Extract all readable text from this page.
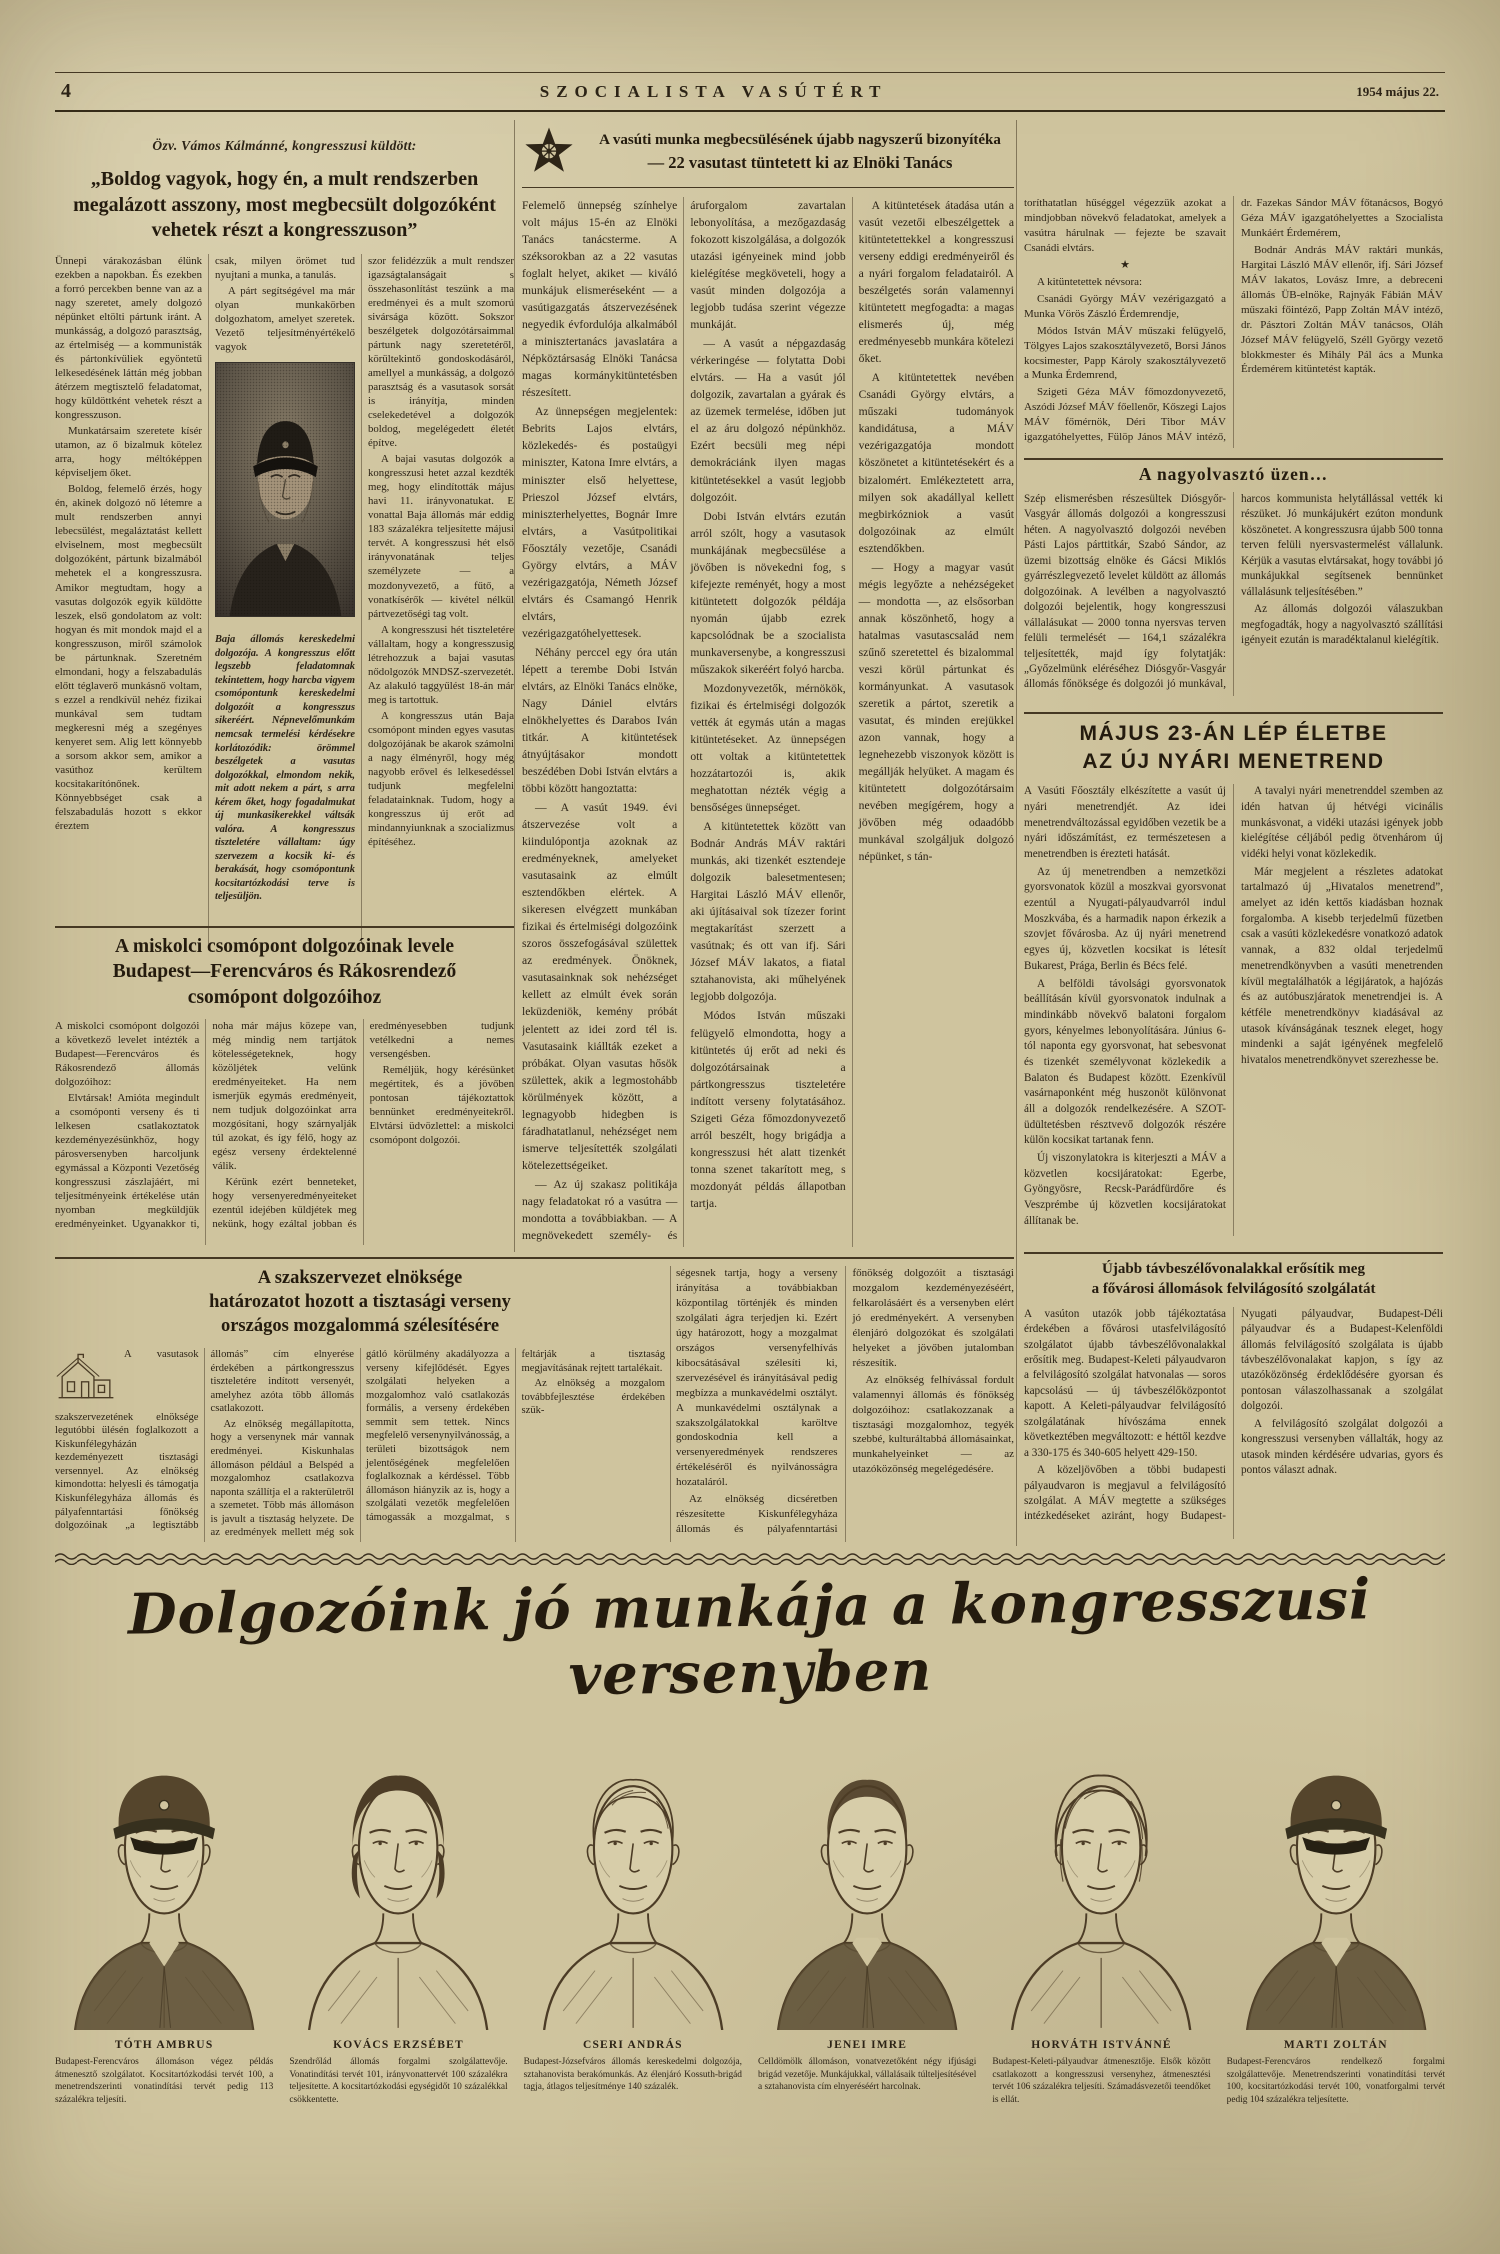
4	SZOCIALISTA VASÚTÉRT	1954 május 22.

Özv. Vámos Kálmánné, kongresszusi küldött:

„Boldog vagyok, hogy én, a mult rendszerben megalázott asszony, most megbecsült dolgozóként vehetek részt a kongresszuson”

Ünnepi várakozásban élünk ezekben a napokban. És ezekben a forró percekben benne van az a nagy szeretet, amely dolgozó népünket eltölti pártunk iránt. A munkásság, a dolgozó parasztság, az értelmiség — a kommunisták és pártonkívüliek egyöntetű lelkesedésének láttán még jobban átérzem megtisztelő feladatomat, hogy küldöttként vehetek részt a kongresszuson.

Munkatársaim szeretete kísér utamon, az ő bizalmuk kötelez arra, hogy méltóképpen képviseljem őket.

Boldog, felemelő érzés, hogy én, akinek dolgozó nő létemre a mult rendszerben annyi lebecsülést, megaláztatást kellett elviselnem, most megbecsült dolgozóként, pártunk bizalmából mehetek el a kongresszusra. Amikor megtudtam, hogy a vasutas dolgozók egyik küldötte leszek, első gondolatom az volt: hogyan és mit mondok majd el a kongresszuson, miről számolok be pártunknak. Szeretném elmondani, hogy a felszabadulás előtt téglaverő munkásnő voltam, s ezzel a rendkívül nehéz fizikai munkával sem tudtam megkeresni még a szegényes kenyeret sem. Alig lett könnyebb a sorsom akkor sem, amikor a vasúthoz kerültem kocsitakarítónőnek. Könnyebbséget csak a felszabadulás hozott s ekkor éreztem

csak, milyen örömet tud nyujtani a munka, a tanulás.

A párt segítségével ma már olyan munkakörben dolgozhatom, amelyet szeretek. Vezető teljesítményértékelő vagyok

Baja állomás kereskedelmi dolgozója. A kongresszus előtt legszebb feladatomnak tekintettem, hogy harcba vigyem csomópontunk kereskedelmi dolgozóit a kongresszus sikeréért. Népnevelőmunkám nemcsak termelési kérdésekre korlátozódik: örömmel beszélgetek a vasutas dolgozókkal, elmondom nekik, mit adott nekem a párt, s arra kérem őket, hogy fogadalmukat új munkasikerekkel váltsák valóra. A kongresszus tiszteletére vállaltam: úgy szervezem a kocsik ki- és berakását, hogy csomópontunk kocsitartózkodási terve is teljesüljön.

szor felidézzük a mult rendszer igazságtalanságait s összehasonlítást teszünk a ma eredményei és a mult szomorú sivársága között. Sokszor beszélgetek dolgozótársaimmal pártunk nagy szeretetéről, körültekintő gondoskodásáról, amellyel a munkásság, a dolgozó parasztság és a vasutasok sorsát is irányítja, minden cselekedetével a dolgozók boldog, megelégedett életét építve.

A bajai vasutas dolgozók a kongresszusi hetet azzal kezdték meg, hogy elindították május havi 11. irányvonatukat. E vonattal Baja állomás már eddig 183 százalékra teljesítette májusi tervét. A kongresszusi hét első irányvonatának teljes személyzete — a mozdonyvezető, a fűtő, a vonatkísérők — kivétel nélkül pártvezetőségi tag volt.

A kongresszusi hét tiszteletére vállaltam, hogy a kongresszusig létrehozzuk a bajai vasutas nődolgozók MNDSZ-szervezetét. Az alakuló taggyűlést 18-án már meg is tartottuk.

A kongresszus után Baja csomópont minden egyes vasutas dolgozójának be akarok számolni a nagy élményről, hogy még nagyobb erővel és lelkesedéssel tudjunk megfelelni feladatainknak. Tudom, hogy a kongresszus új erőt ad mindannyiunknak a szocializmus építéséhez.

A vasúti munka megbecsülésének újabb nagyszerű bizonyítéka
— 22 vasutast tüntetett ki az Elnöki Tanács

Felemelő ünnepség színhelye volt május 15-én az Elnöki Tanács tanácsterme. A széksorokban az a 22 vasutas foglalt helyet, akiket — kiváló munkájuk elismeréseként — a vasútigazgatás átszervezésének negyedik évfordulója alkalmából a minisztertanács javaslatára a Népköztársaság Elnöki Tanácsa magas kormánykitüntetésben részesített.

Az ünnepségen megjelentek: Bebrits Lajos elvtárs, közlekedés- és postaügyi miniszter, Katona Imre elvtárs, a miniszter első helyettese, Prieszol József elvtárs, miniszterhelyettes, Bognár Imre elvtárs, a Vasútpolitikai Főosztály vezetője, Csanádi György elvtárs, a MÁV vezérigazgatója, Németh József elvtárs és Csamangó Henrik elvtárs, vezérigazgatóhelyettesek.

Néhány perccel egy óra után lépett a terembe Dobi István elvtárs, az Elnöki Tanács elnöke, Nagy Dániel elvtárs elnökhelyettes és Darabos Iván titkár. A kitüntetések átnyújtásakor mondott beszédében Dobi István elvtárs a többi között hangoztatta:

— A vasút 1949. évi átszervezése volt a kiindulópontja azoknak az eredményeknek, amelyeket vasutasaink az elmúlt esztendőkben elértek. A sikeresen elvégzett munkában fizikai és értelmiségi dolgozóink szoros összefogásával születtek az eredmények. Önöknek, vasutasainknak sok nehézséget kellett az elmúlt évek során leküzdeniök, kemény próbát jelentett az idei zord tél is. Vasutasaink kiállták ezeket a próbákat. Olyan vasutas hősök születtek, akik a legmostohább körülmények között, a legnagyobb hidegben is fáradhatatlanul, nehézséget nem ismerve teljesítették szolgálati kötelezettségeiket.

— Az új szakasz politikája nagy feladatokat ró a vasútra — mondotta a továbbiakban. — A megnövekedett személy- és áruforgalom zavartalan lebonyolítása, a mezőgazdaság fokozott kiszolgálása, a dolgozók utazási igényeinek mind jobb kielégítése megköveteli, hogy a vasút minden dolgozója a legjobb tudása szerint végezze munkáját.

— A vasút a népgazdaság vérkeringése — folytatta Dobi elvtárs. — Ha a vasút jól dolgozik, zavartalan a gyárak és az üzemek termelése, időben jut el az áru dolgozó népünkhöz. Ezért becsüli meg népi demokráciánk ilyen magas kitüntetésekkel a vasút legjobb dolgozóit.

Dobi István elvtárs ezután arról szólt, hogy a vasutasok munkájának megbecsülése a jövőben is növekedni fog, s kifejezte reményét, hogy a most kitüntetett dolgozók példája nyomán újabb ezrek kapcsolódnak be a szocialista munkaversenybe, a kongresszusi műszakok sikeréért folyó harcba.

Mozdonyvezetők, mérnökök, fizikai és értelmiségi dolgozók vették át egymás után a magas kitüntetéseket. Az ünnepségen ott voltak a kitüntetettek hozzátartozói is, akik meghatottan nézték végig a bensőséges ünnepséget.

A kitüntetettek között van Bodnár András MÁV raktári munkás, aki tizenkét esztendeje dolgozik balesetmentesen; Hargitai László MÁV ellenőr, aki újításaival sok tízezer forint megtakarítást szerzett a vasútnak; és ott van ifj. Sári József MÁV lakatos, a fiatal sztahanovista, aki műhelyének legjobb dolgozója.

Módos István műszaki felügyelő elmondotta, hogy a kitüntetés új erőt ad neki és dolgozótársainak a pártkongresszus tiszteletére indított verseny folytatásához. Szigeti Géza főmozdonyvezető arról beszélt, hogy brigádja a kongresszusi hét alatt tizenkét tonna szenet takarított meg, s mozdonyát példás állapotban tartja.

A kitüntetések átadása után a vasút vezetői elbeszélgettek a kitüntetettekkel a kongresszusi verseny eddigi eredményeiről és a nyári forgalom feladatairól. A beszélgetés során valamennyi kitüntetett megfogadta: a magas elismerés új, még eredményesebb munkára kötelezi őket.

A kitüntetettek nevében Csanádi György elvtárs, a műszaki tudományok kandidátusa, a MÁV vezérigazgatója mondott köszönetet a kitüntetésekért és a bizalomért. Emlékeztetett arra, milyen sok akadállyal kellett megbirkózniok a vasút dolgozóinak az elmúlt esztendőkben.

— Hogy a magyar vasút mégis legyőzte a nehézségeket — mondotta —, az elsősorban annak köszönhető, hogy a hatalmas vasutascsalád nem szűnő szeretettel és bizalommal veszi körül pártunkat és kormányunkat. A vasutasok szeretik a pártot, szeretik a vasutat, és minden erejükkel azon vannak, hogy a legnehezebb viszonyok között is megállják helyüket. A magam és kitüntetett dolgozótársaim nevében megígérem, hogy a jövőben még odaadóbb munkával szolgáljuk dolgozó népünket, s tán-

toríthatatlan hűséggel végezzük azokat a mindjobban növekvő feladatokat, amelyek a vasútra hárulnak — fejezte be szavait Csanádi elvtárs.

★

A kitüntetettek névsora:

Csanádi György MÁV vezérigazgató a Munka Vörös Zászló Érdemrendje,

Módos István MÁV műszaki felügyelő, Tölgyes Lajos szakosztályvezető, Borsi János kocsimester, Papp Károly szakosztályvezető a Munka Érdemrend,

Szigeti Géza MÁV főmozdonyvezető, Aszódi József MÁV főellenőr, Kőszegi Lajos MÁV főmérnök, Déri Tibor MÁV igazgatóhelyettes, Fülöp János MÁV intéző, dr. Fazekas Sándor MÁV főtanácsos, Bogyó Géza MÁV igazgatóhelyettes a Szocialista Munkáért Érdemérem,

Bodnár András MÁV raktári munkás, Hargitai László MÁV ellenőr, ifj. Sári József MÁV lakatos, Lovász Imre, a debreceni állomás ÜB-elnöke, Rajnyák Fábián MÁV műszaki főintéző, Papp Zoltán MÁV intéző, dr. Pásztori Zoltán MÁV tanácsos, Oláh József MÁV felügyelő, Széll György vezető blokkmester és Mihály Pál ács a Munka Érdemérem kitüntetést kapták.

A nagyolvasztó üzen…

Szép elismerésben részesültek Diósgyőr-Vasgyár állomás dolgozói a kongresszusi héten. A nagyolvasztó dolgozói nevében Pásti Lajos párttitkár, Szabó Sándor, az üzemi bizottság elnöke és Gácsi Miklós gyárrészlegvezető levelet küldött az állomás dolgozóinak. A levélben a nagyolvasztó dolgozói bejelentik, hogy kongresszusi vállalásukat — 2000 tonna nyersvas terven felüli termelését — 164,1 százalékra teljesítették, majd így folytatják: „Győzelmünk eléréséhez Diósgyőr-Vasgyár állomás főnöksége és dolgozói jó munkával, harcos kommunista helytállással vették ki részüket. Jó munkájukért ezúton mondunk köszönetet. A kongresszusra újabb 500 tonna terven felüli nyersvastermelést vállalunk. Kérjük a vasutas elvtársakat, hogy további jó munkájukkal segítsenek bennünket vállalásunk teljesítésében.”

Az állomás dolgozói válaszukban megfogadták, hogy a nagyolvasztó szállítási igényeit ezután is maradéktalanul kielégítik.

MÁJUS 23-ÁN LÉP ÉLETBE
AZ ÚJ NYÁRI MENETREND

A Vasúti Főosztály elkészítette a vasút új nyári menetrendjét. Az idei menetrendváltozással egyidőben vezetik be a nyári időszámítást, ez természetesen a menetrendben is érezteti hatását.

Az új menetrendben a nemzetközi gyorsvonatok közül a moszkvai gyorsvonat ezentúl a Nyugati-pályaudvarról indul Moszkvába, és a harmadik napon érkezik a szovjet fővárosba. Az új nyári menetrend egyes új, közvetlen kocsikat is létesít Bukarest, Prága, Berlin és Bécs felé.

A belföldi távolsági gyorsvonatok beállításán kívül gyorsvonatok indulnak a mindinkább növekvő balatoni forgalom gyors, kényelmes lebonyolítására. Június 6-tól naponta egy gyorsvonat, hat sebesvonat és tizenkét személyvonat közlekedik a Balaton és Budapest között. Ezenkívül vasárnaponként még huszonöt különvonat áll a dolgozók rendelkezésére. A SZOT-üdültetésben résztvevő dolgozók részére külön kocsikat tartanak fenn.

Új viszonylatokra is kiterjeszti a MÁV a közvetlen kocsijáratokat: Egerbe, Gyöngyösre, Recsk-Parádfürdőre és Veszprémbe új közvetlen kocsijáratokat állítanak be.

A tavalyi nyári menetrenddel szemben az idén hatvan új hétvégi vicinális munkásvonat, a vidéki utazási igények jobb kielégítése céljából pedig ötvenhárom új vidéki helyi vonat közlekedik.

Már megjelent a részletes adatokat tartalmazó új „Hivatalos menetrend”, amelyet az idén kettős kiadásban hoznak forgalomba. A kisebb terjedelmű füzetben csak a vasúti közlekedésre vonatkozó adatok vannak, a 832 oldal terjedelmű menetrendkönyvben a vasúti menetrenden kívül megtalálhatók a légijáratok, a hajózás és az autóbuszjáratok menetrendjei is. A kétféle menetrendkönyv kiadásával az utasok kívánságának tesznek eleget, hogy mindenki a saját igényének megfelelő hivatalos menetrendkönyvet szerezhesse be.

Újabb távbeszélővonalakkal erősítik meg
a fővárosi állomások felvilágosító szolgálatát

A vasúton utazók jobb tájékoztatása érdekében a fővárosi utasfelvilágosító szolgálatot újabb távbeszélővonalakkal erősítik meg. Budapest-Keleti pályaudvaron a felvilágosító szolgálat hatvonalas — soros kapcsolású — új távbeszélőközpontot kapott. A Keleti-pályaudvar felvilágosító szolgálatának hívószáma ennek következtében megváltozott: e héttől kezdve a 330-175 és 340-605 helyett 429-150.

A közeljövőben a többi budapesti pályaudvaron is megjavul a felvilágosító szolgálat. A MÁV megtette a szükséges intézkedéseket aziránt, hogy Budapest-Nyugati pályaudvar, Budapest-Déli pályaudvar és a Budapest-Kelenföldi állomás felvilágosító szolgálata is újabb távbeszélővonalakat kapjon, s így az utazóközönség érdeklődésére gyorsan és pontosan válaszolhassanak a szolgálat dolgozói.

A felvilágosító szolgálat dolgozói a kongresszusi versenyben vállalták, hogy az utasok minden kérdésére udvarias, gyors és pontos választ adnak.

A miskolci csomópont dolgozóinak levele
Budapest—Ferencváros és Rákosrendező
csomópont dolgozóihoz

A miskolci csomópont dolgozói a következő levelet intézték a Budapest—Ferencváros és Rákosrendező állomás dolgozóihoz:

Elvtársak! Amióta megindult a csomóponti verseny és ti lelkesen csatlakoztatok kezdeményezésünkhöz, hogy párosversenyben harcoljunk egymással a Központi Vezetőség kongresszusi zászlajáért, mi teljesítményeink értékelése után nyomban megküldjük eredményeinket. Ugyanakkor ti, noha már május közepe van, még mindig nem tartjátok kötelességeteknek, hogy közöljétek velünk eredményeiteket. Ha nem ismerjük egymás eredményeit, nem tudjuk dolgozóinkat arra mozgósítani, hogy szárnyalják túl azokat, és így félő, hogy az egész verseny érdektelenné válik.

Kérünk ezért benneteket, hogy versenyeredményeiteket ezentúl idejében küldjétek meg nekünk, hogy ezáltal jobban és eredményesebben tudjunk vetélkedni a nemes versengésben.

Reméljük, hogy kérésünket megértitek, és a jövőben pontosan tájékoztattok bennünket eredményeitekről. Elvtársi üdvözlettel: a miskolci csomópont dolgozói.

A szakszervezet elnöksége
határozatot hozott a tisztasági verseny
országos mozgalommá szélesítésére

A vasutasok szakszervezetének elnöksége legutóbbi ülésén foglalkozott a Kiskunfélegyházán kezdeményezett tisztasági versennyel. Az elnökség kimondotta: helyesli és támogatja Kiskunfélegyháza állomás és pályafenntartási főnökség dolgozóinak „a legtisztább állomás” cím elnyerése érdekében a pártkongresszus tiszteletére indított versenyét, amelyhez azóta több állomás csatlakozott.

Az elnökség megállapította, hogy a versenynek már vannak eredményei. Kiskunhalas állomáson például a Belspéd a mozgalomhoz csatlakozva naponta szállítja el a rakterületről a szemetet. Több más állomáson is javult a tisztaság helyzete. De az eredmények mellett még sok gátló körülmény akadályozza a verseny kifejlődését. Egyes szolgálati helyeken a mozgalomhoz való csatlakozás formális, a verseny érdekében semmit sem tettek. Nincs megfelelő versenynyilvánosság, a területi bizottságok nem jelentőségének megfelelően foglalkoznak a kérdéssel. Több állomáson hiányzik az is, hogy a szolgálati vezetők megfelelően támogassák a mozgalmat, s feltárják a tisztaság megjavításának rejtett tartalékait.

Az elnökség a mozgalom továbbfejlesztése érdekében szük-

ségesnek tartja, hogy a verseny irányítása a továbbiakban központilag történjék és minden szolgálati ágra terjedjen ki. Ezért úgy határozott, hogy a mozgalmat országos versenyfelhívás kibocsátásával szélesíti ki, szervezésével és irányításával pedig megbízza a munkavédelmi osztályt. A munkavédelmi osztálynak a szakszolgálatokkal karöltve gondoskodnia kell a versenyeredmények rendszeres értékeléséről és nyilvánosságra hozataláról.

Az elnökség dicséretben részesítette Kiskunfélegyháza állomás és pályafenntartási főnökség dolgozóit a tisztasági mozgalom kezdeményezéséért, felkarolásáért és a versenyben elért jó eredményekért. A versenyben élenjáró dolgozókat és szolgálati helyeket a jövőben jutalomban részesítik.

Az elnökség felhívással fordult valamennyi állomás és főnökség dolgozóihoz: csatlakozzanak a tisztasági mozgalomhoz, tegyék szebbé, kulturáltabbá állomásainkat, munkahelyeinket — az utazóközönség megelégedésére.

Dolgozóink jó munkája a kongresszusi versenyben
TÓTH AMBRUS
Budapest-Ferencváros állomáson végez példás átmenesztő szolgálatot. Kocsitartózkodási tervét 100, a menetrendszerinti vonatindítási tervét pedig 113 százalékra teljesíti.
KOVÁCS ERZSÉBET
Szendrőlád állomás forgalmi szolgálattevője. Vonatindítási tervét 101, irányvonattervét 100 százalékra teljesítette. A kocsitartózkodási egységidőt 10 százalékkal csökkentette.
CSERI ANDRÁS
Budapest-Józsefváros állomás kereskedelmi dolgozója, sztahanovista berakómunkás. Az élenjáró Kossuth-brigád tagja, átlagos teljesítménye 140 százalék.
JENEI IMRE
Celldömölk állomáson, vonatvezetőként négy ifjúsági brigád vezetője. Munkájukkal, vállalásaik túlteljesítésével a sztahanovista cím elnyeréséért harcolnak.
HORVÁTH ISTVÁNNÉ
Budapest-Keleti-pályaudvar átmenesztője. Elsők között csatlakozott a kongresszusi versenyhez, átmenesztési tervét 106 százalékra teljesíti. Számadásvezetői teendőket is ellát.
MARTI ZOLTÁN
Budapest-Ferencváros rendelkező forgalmi szolgálattevője. Menetrendszerinti vonatindítási tervét 100, kocsitartózkodási tervét 100, vonatforgalmi tervét pedig 104 százalékra teljesítette.
